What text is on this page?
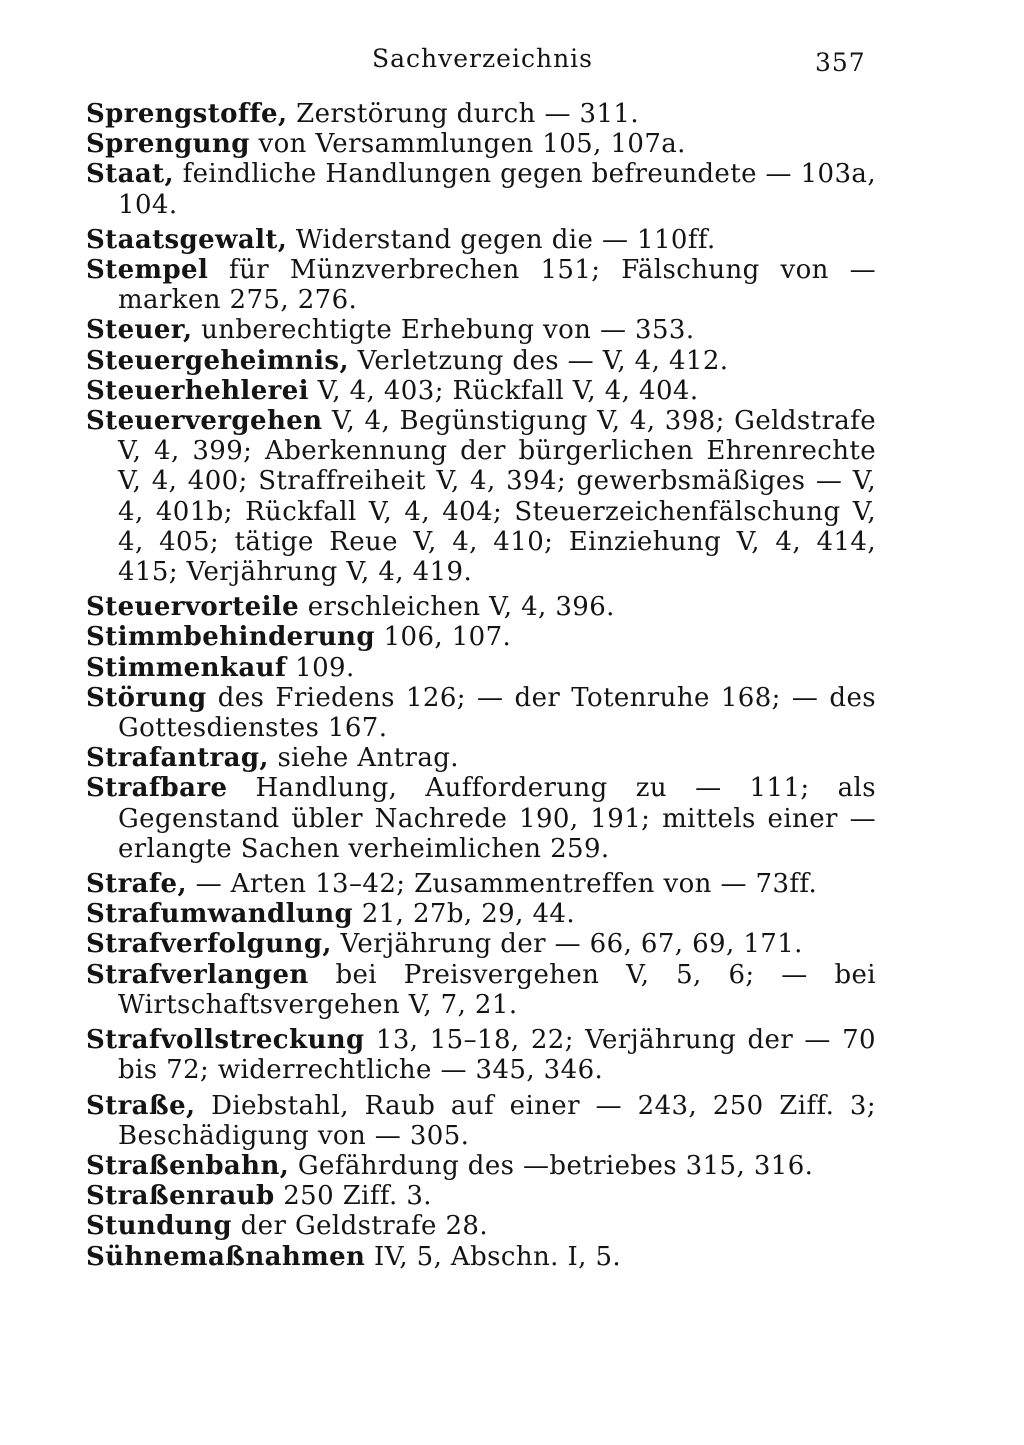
Sachverzeichnis	357

Sprengstoffe, Zerstörung durch — 311.

Sprengung von Versammlungen 105, 107a.

Staat, feindliche Handlungen gegen befreundete — 103a, 104.

Staatsgewalt, Widerstand gegen die — 110ff.

Stempel für Münzverbrechen 151; Fälschung von —marken 275, 276.

Steuer, unberechtigte Erhebung von — 353.

Steuergeheimnis, Verletzung des — V, 4, 412.

Steuerhehlerei V, 4, 403; Rückfall V, 4, 404.

Steuervergehen V, 4, Begünstigung V, 4, 398; Geldstrafe V, 4, 399; Aberkennung der bürgerlichen Ehrenrechte V, 4, 400; Straffreiheit V, 4, 394; gewerbsmäßiges — V, 4, 401b; Rückfall V, 4, 404; Steuerzeichenfälschung V, 4, 405; tätige Reue V, 4, 410; Einziehung V, 4, 414, 415; Verjährung V, 4, 419.

Steuervorteile erschleichen V, 4, 396.

Stimmbehinderung 106, 107.

Stimmenkauf 109.

Störung des Friedens 126; — der Totenruhe 168; — des Gottesdienstes 167.

Strafantrag, siehe Antrag.

Strafbare Handlung, Aufforderung zu — 111; als Gegenstand übler Nachrede 190, 191; mittels einer — erlangte Sachen verheimlichen 259.

Strafe, — Arten 13–42; Zusammentreffen von — 73ff.

Strafumwandlung 21, 27b, 29, 44.

Strafverfolgung, Verjährung der — 66, 67, 69, 171.

Strafverlangen bei Preisvergehen V, 5, 6; — bei Wirtschaftsvergehen V, 7, 21.

Strafvollstreckung 13, 15–18, 22; Verjährung der — 70 bis 72; widerrechtliche — 345, 346.

Straße, Diebstahl, Raub auf einer — 243, 250 Ziff. 3; Beschädigung von — 305.

Straßenbahn, Gefährdung des —betriebes 315, 316.

Straßenraub 250 Ziff. 3.

Stundung der Geldstrafe 28.

Sühnemaßnahmen IV, 5, Abschn. I, 5.
